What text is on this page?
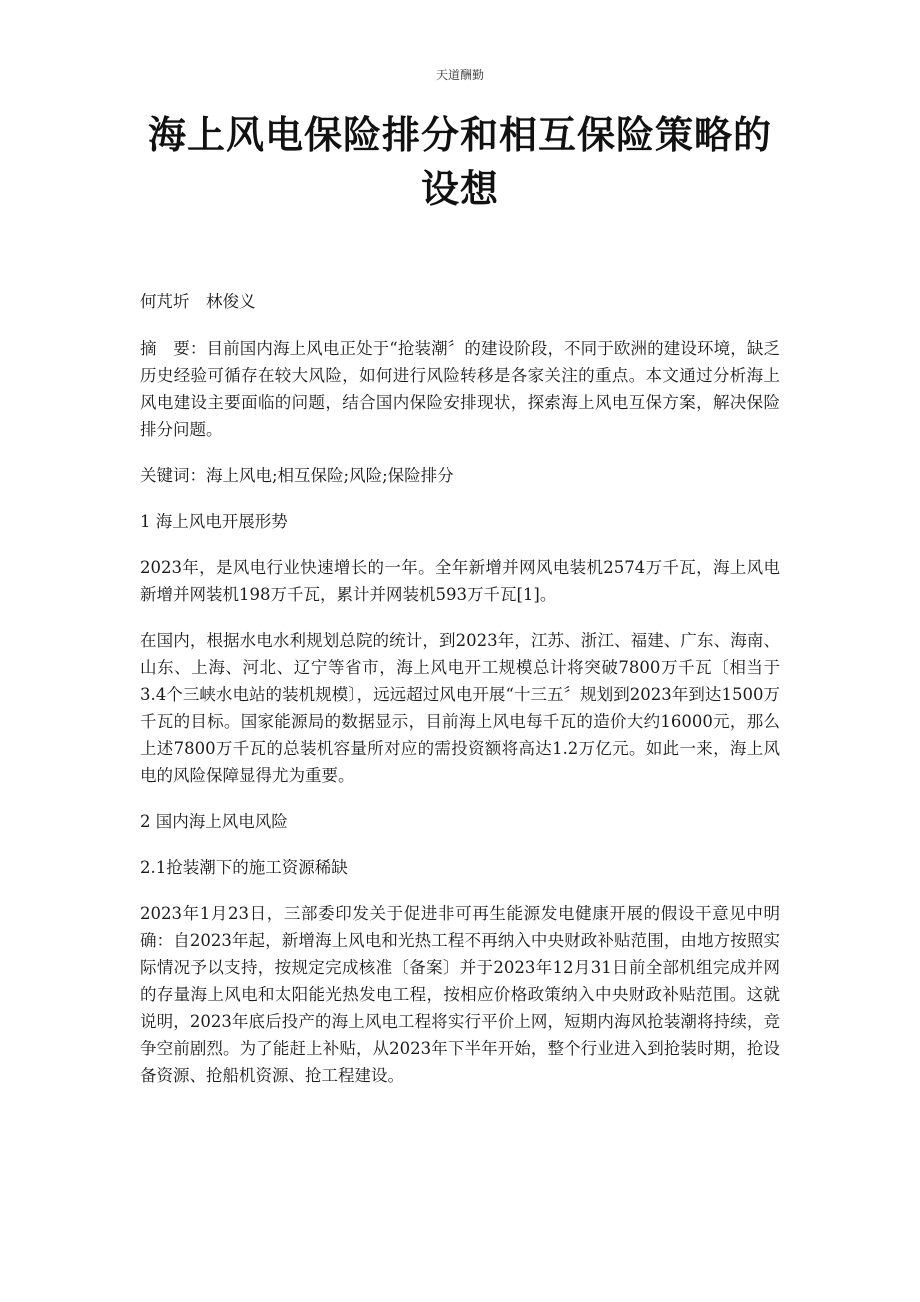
天道酬勤
海上风电保险排分和相互保险策略的设想

何芃圻　林俊义

摘　要：目前国内海上风电正处于“抢装潮〞的建设阶段，不同于欧洲的建设环境，缺乏历史经验可循存在较大风险，如何进行风险转移是各家关注的重点。本文通过分析海上风电建设主要面临的问题，结合国内保险安排现状，探索海上风电互保方案，解决保险排分问题。

关键词：海上风电;相互保险;风险;保险排分

1 海上风电开展形势

2023年，是风电行业快速增长的一年。全年新增并网风电装机2574万千瓦，海上风电新增并网装机198万千瓦，累计并网装机593万千瓦[1]。

在国内，根据水电水利规划总院的统计，到2023年，江苏、浙江、福建、广东、海南、山东、上海、河北、辽宁等省市，海上风电开工规模总计将突破7800万千瓦〔相当于3.4个三峡水电站的装机规模〕，远远超过风电开展“十三五〞规划到2023年到达1500万千瓦的目标。国家能源局的数据显示，目前海上风电每千瓦的造价大约16000元，那么上述7800万千瓦的总装机容量所对应的需投资额将高达1.2万亿元。如此一来，海上风电的风险保障显得尤为重要。

2 国内海上风电风险

2.1抢装潮下的施工资源稀缺

2023年1月23日，三部委印发关于促进非可再生能源发电健康开展的假设干意见中明确：自2023年起，新增海上风电和光热工程不再纳入中央财政补贴范围，由地方按照实际情况予以支持，按规定完成核准〔备案〕并于2023年12月31日前全部机组完成并网的存量海上风电和太阳能光热发电工程，按相应价格政策纳入中央财政补贴范围。这就说明，2023年底后投产的海上风电工程将实行平价上网，短期内海风抢装潮将持续，竞争空前剧烈。为了能赶上补贴，从2023年下半年开始，整个行业进入到抢装时期，抢设备资源、抢船机资源、抢工程建设。
